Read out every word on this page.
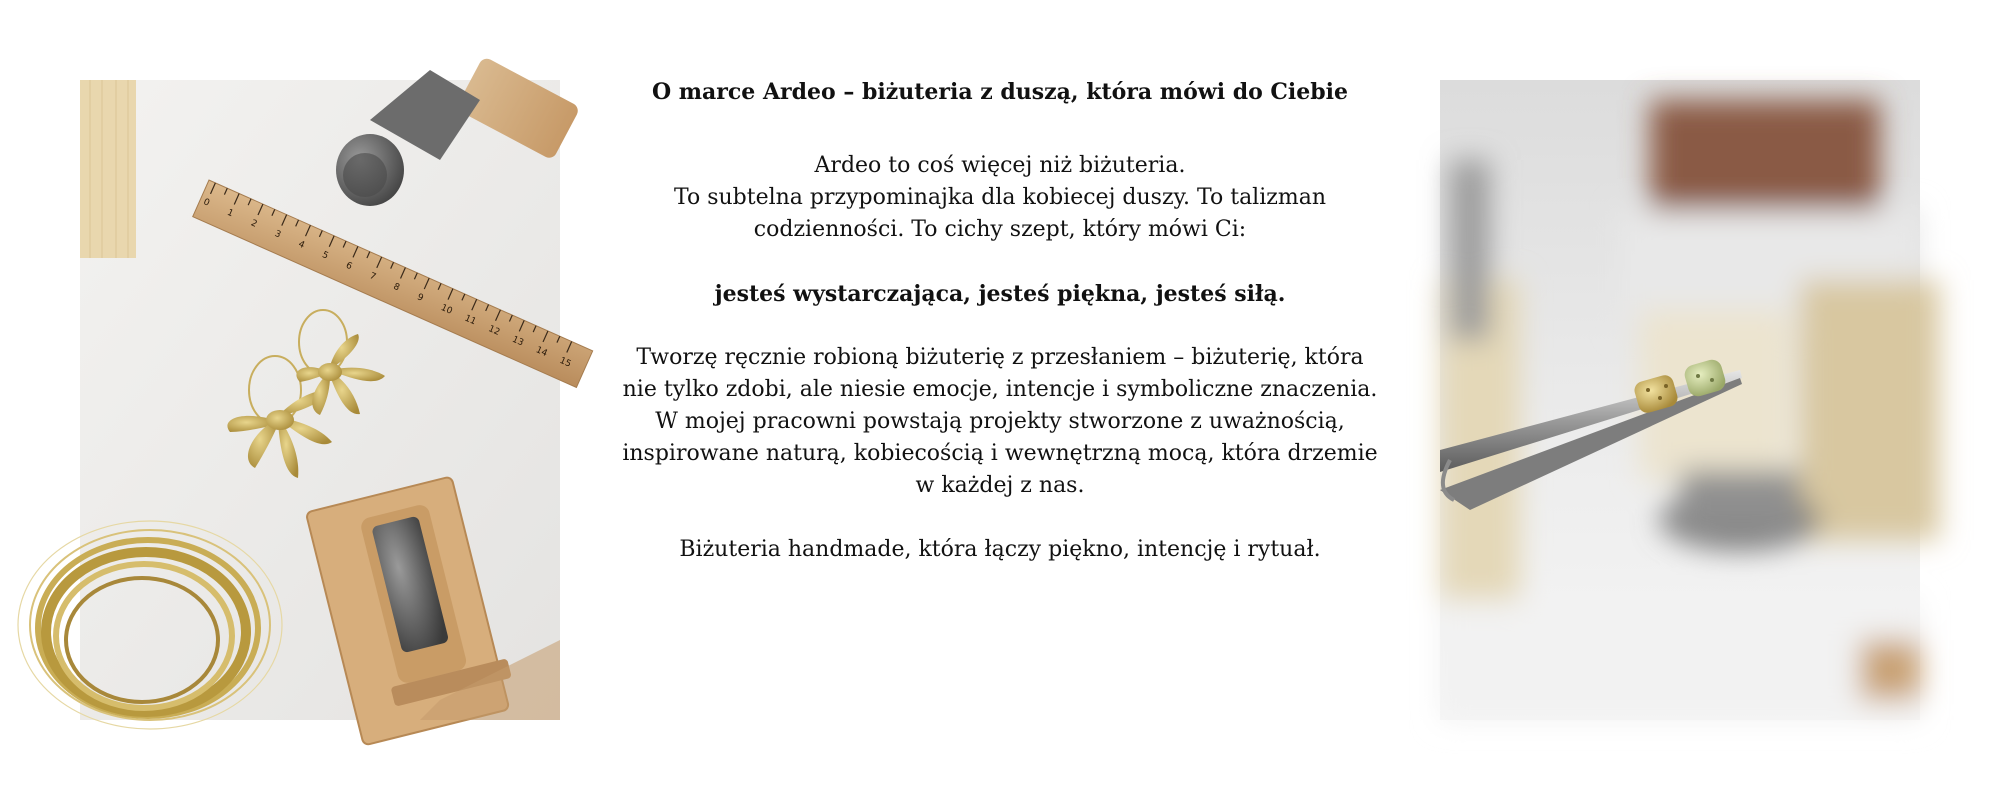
0
1
2
3
4
5
6
7
8
9
10
11
12
13
14
15
O marce Ardeo – biżuteria z duszą, która mówi do Ciebie
Ardeo to coś więcej niż biżuteria.
To subtelna przypominajka dla kobiecej duszy. To talizman
codzienności. To cichy szept, który mówi Ci:
jesteś wystarczająca, jesteś piękna, jesteś siłą.
Tworzę ręcznie robioną biżuterię z przesłaniem – biżuterię, która
nie tylko zdobi, ale niesie emocje, intencje i symboliczne znaczenia.
W mojej pracowni powstają projekty stworzone z uważnością,
inspirowane naturą, kobiecością i wewnętrzną mocą, która drzemie
w każdej z nas.
Biżuteria handmade, która łączy piękno, intencję i rytuał.
